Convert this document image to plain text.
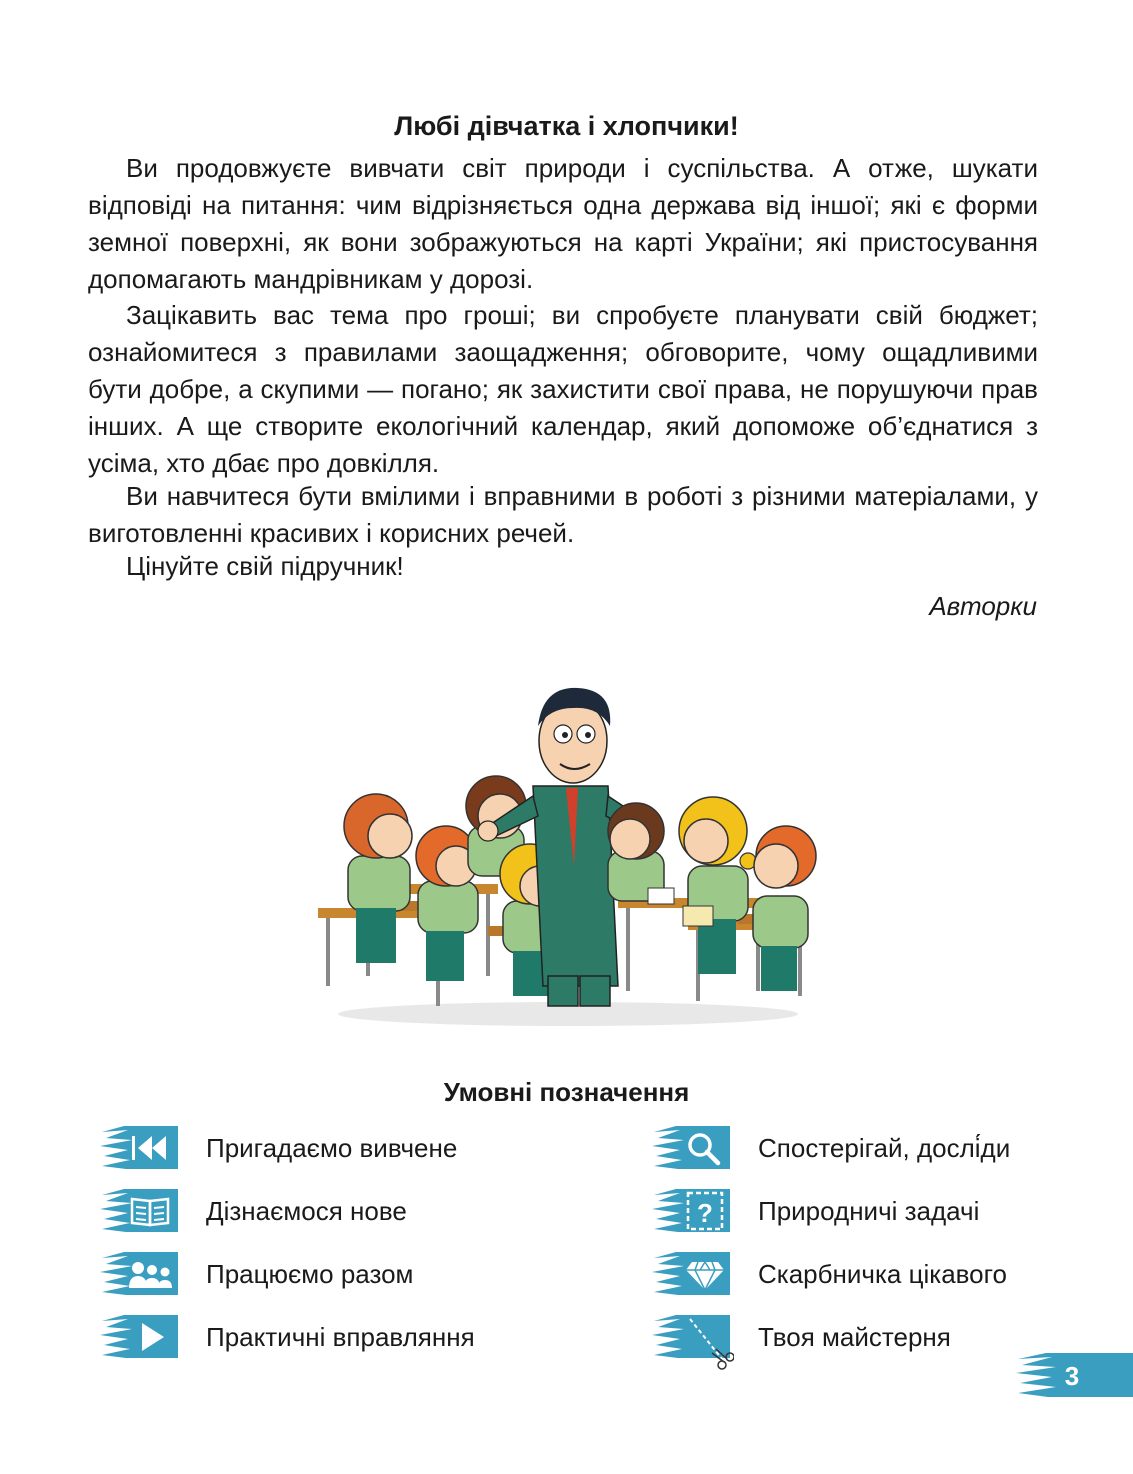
Любі дівчатка і хлопчики!

Ви продовжуєте вивчати світ природи і суспільства. А отже, шукати відповіді на питання: чим відрізняється одна держава від іншої; які є форми земної поверхні, як вони зображуються на карті України; які пристосування допомагають мандрівникам у дорозі.

Зацікавить вас тема про гроші; ви спробуєте планувати свій бюджет; ознайомитеся з правилами заощадження; обговорите, чому ощадливими бути добре, а скупими — погано; як захистити свої права, не порушуючи прав інших. А ще створите екологічний календар, який допоможе об’єднатися з усіма, хто дбає про довкілля.

Ви навчитеся бути вмілими і вправними в роботі з різними матеріалами, у виготовленні красивих і корисних речей.

Цінуйте свій підручник!

Авторки
Умовні позначення
Пригадаємо вивчене
Дізнаємося нове
Працюємо разом
Практичні вправляння
Спостерігай, дослі́ди
? Природничі задачі
Скарбничка цікавого
Твоя майстерня
3
